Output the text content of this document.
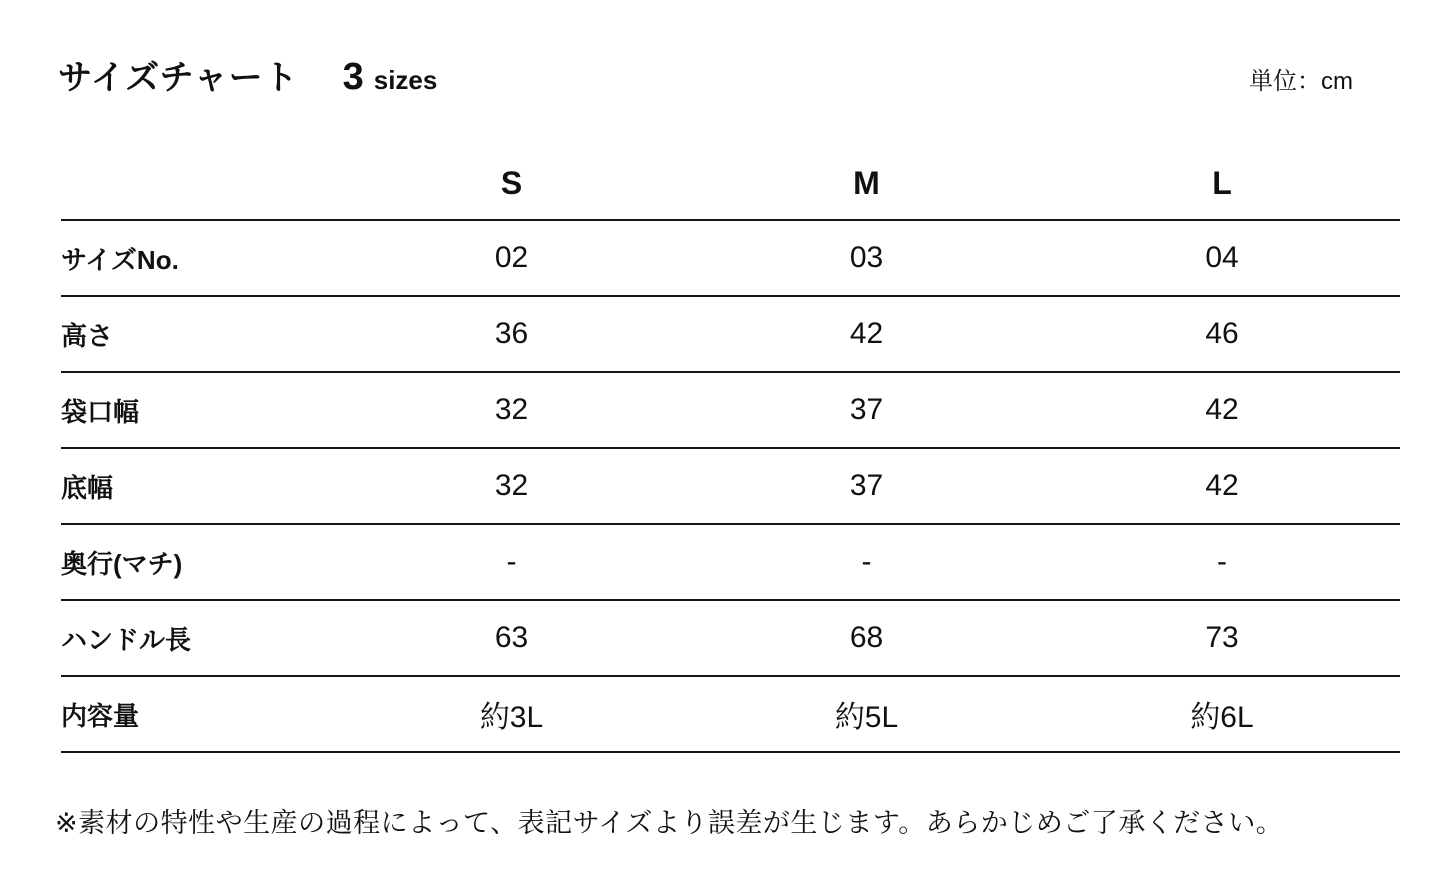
サイズチャート 3 sizes	単位：cm
	S	M	L
サイズNo.	02	03	04
高さ	36	42	46
袋口幅	32	37	42
底幅	32	37	42
奥行(マチ)	-	-	-
ハンドル長	63	68	73
内容量	約3L	約5L	約6L
※素材の特性や生産の過程によって、表記サイズより誤差が生じます。あらかじめご了承ください。
